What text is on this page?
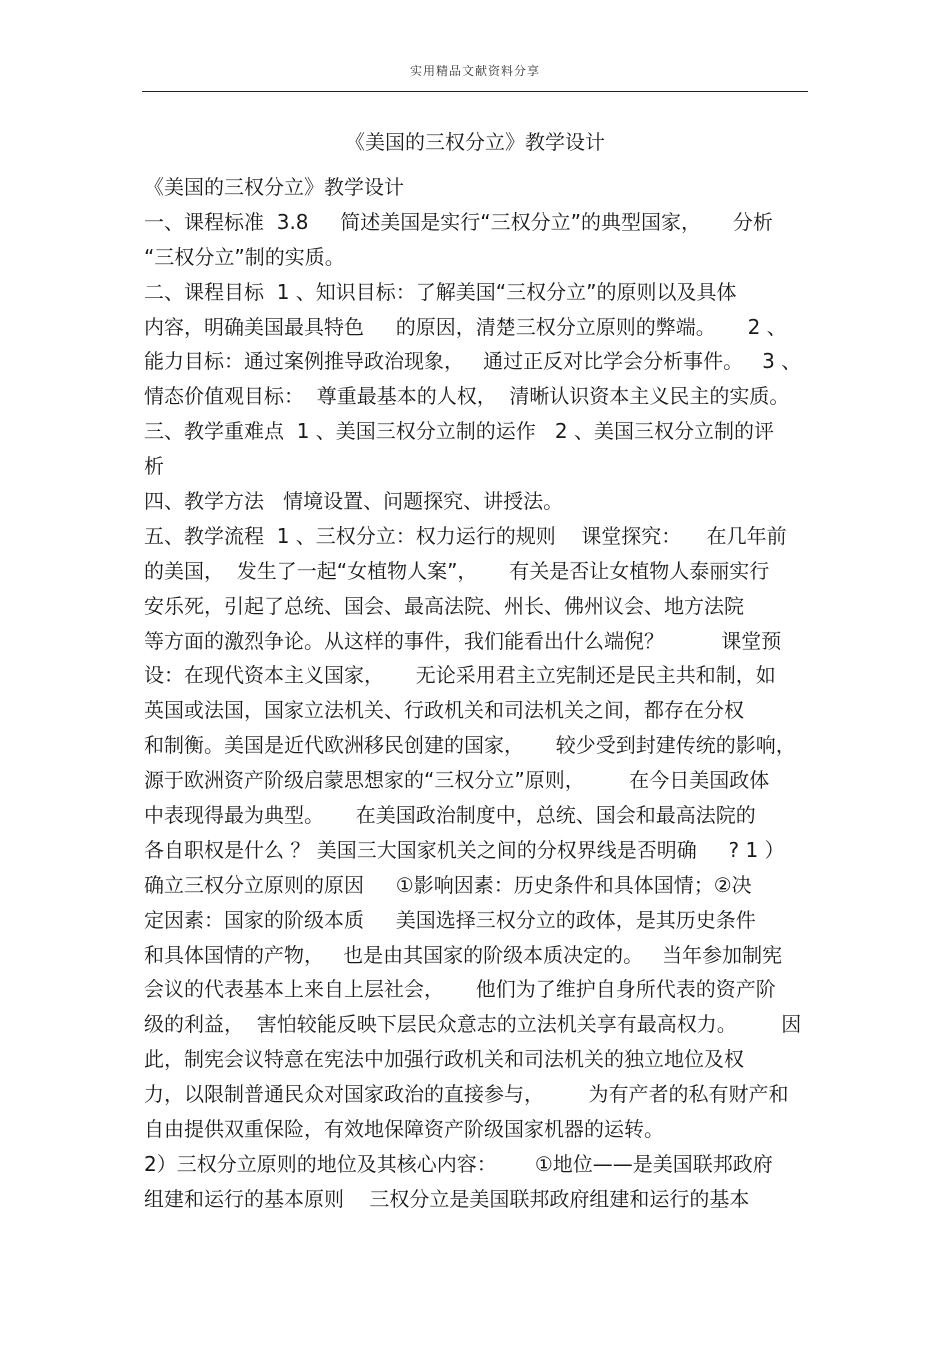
实用精品文献资料分享
《美国的三权分立》教学设计
《美国的三权分立》教学设计
一、课程标准  3.8     简述美国是实行“三权分立”的典型国家，     分析
“三权分立”制的实质。
二、课程目标  1 、知识目标：了解美国“三权分立”的原则以及具体
内容，明确美国最具特色     的原因，清楚三权分立原则的弊端。     2 、
能力目标：通过案例推导政治现象，   通过正反对比学会分析事件。   3 、
情态价值观目标：  尊重最基本的人权，  清晰认识资本主义民主的实质。
三、教学重难点  1 、美国三权分立制的运作   2 、美国三权分立制的评
析
四、教学方法   情境设置、问题探究、讲授法。
五、教学流程  1 、三权分立：权力运行的规则    课堂探究：    在几年前
的美国，  发生了一起“女植物人案”，     有关是否让女植物人泰丽实行
安乐死，引起了总统、国会、最高法院、州长、佛州议会、地方法院
等方面的激烈争论。从这样的事件，我们能看出什么端倪？         课堂预
设：在现代资本主义国家，     无论采用君主立宪制还是民主共和制，如
英国或法国，国家立法机关、行政机关和司法机关之间，都存在分权
和制衡。美国是近代欧洲移民创建的国家，     较少受到封建传统的影响，
源于欧洲资产阶级启蒙思想家的“三权分立”原则，       在今日美国政体
中表现得最为典型。     在美国政治制度中，总统、国会和最高法院的
各自职权是什么 ？ 美国三大国家机关之间的分权界线是否明确     ? 1 ）
确立三权分立原则的原因     ①影响因素：历史条件和具体国情；②决
定因素：国家的阶级本质     美国选择三权分立的政体，是其历史条件
和具体国情的产物，   也是由其国家的阶级本质决定的。   当年参加制宪
会议的代表基本上来自上层社会，     他们为了维护自身所代表的资产阶
级的利益，  害怕较能反映下层民众意志的立法机关享有最高权力。       因
此，制宪会议特意在宪法中加强行政机关和司法机关的独立地位及权
力，以限制普通民众对国家政治的直接参与，       为有产者的私有财产和
自由提供双重保险，有效地保障资产阶级国家机器的运转。
2）三权分立原则的地位及其核心内容：      ①地位——是美国联邦政府
组建和运行的基本原则    三权分立是美国联邦政府组建和运行的基本
